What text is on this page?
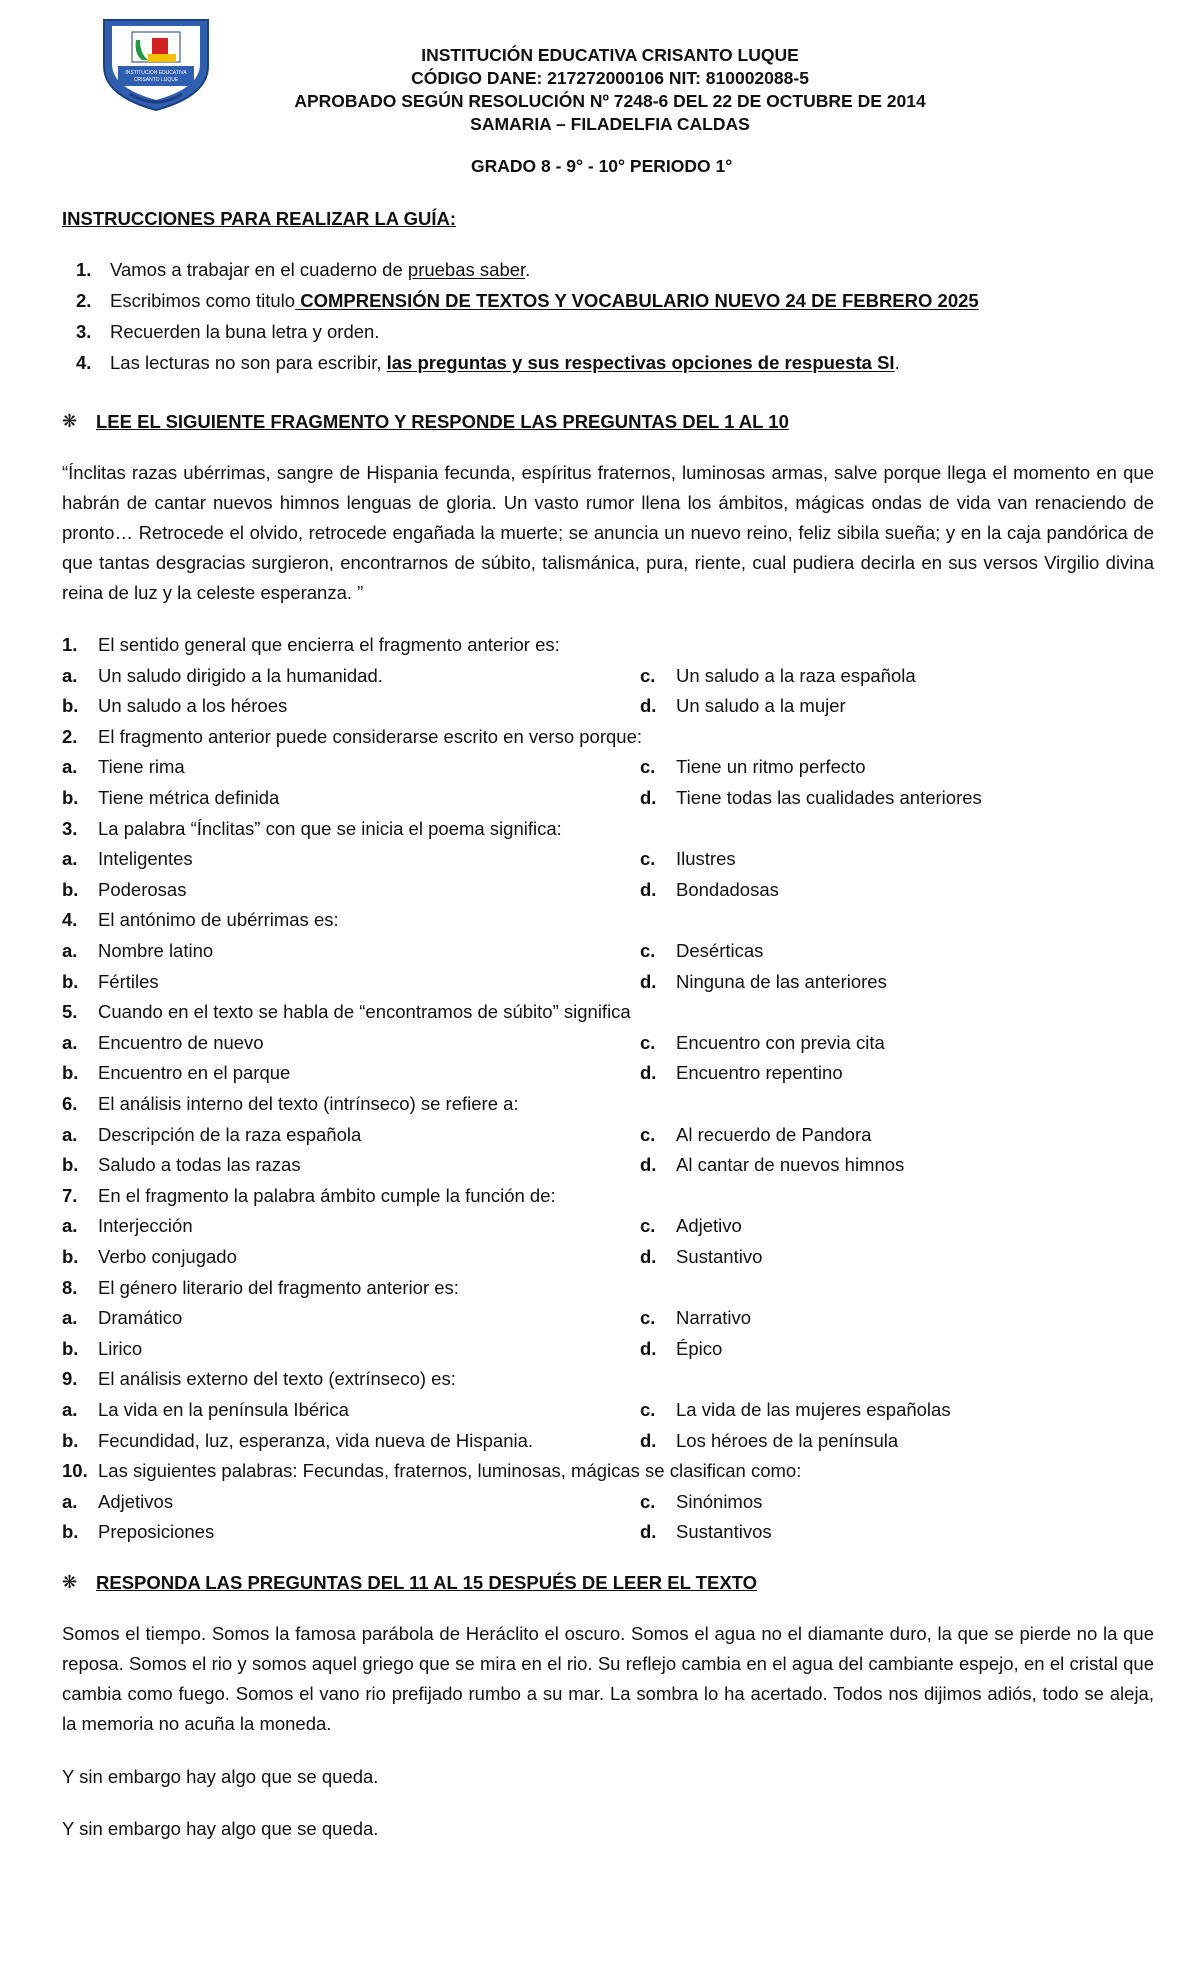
INSTITUCION EDUCATIVA
CRISANTO LUQUE
INSTITUCIÓN EDUCATIVA CRISANTO LUQUE
CÓDIGO DANE: 217272000106 NIT: 810002088-5
APROBADO SEGÚN RESOLUCIÓN Nº 7248-6 DEL 22 DE OCTUBRE DE 2014
SAMARIA – FILADELFIA CALDAS
GRADO 8 - 9° - 10° PERIODO 1°
INSTRUCCIONES PARA REALIZAR LA GUÍA:
1. Vamos a trabajar en el cuaderno de pruebas saber.
2. Escribimos como titulo COMPRENSIÓN DE TEXTOS Y VOCABULARIO NUEVO 24 DE FEBRERO 2025
3. Recuerden la buna letra y orden.
4. Las lecturas no son para escribir, las preguntas y sus respectivas opciones de respuesta SI.
❋ LEE EL SIGUIENTE FRAGMENTO Y RESPONDE LAS PREGUNTAS DEL 1 AL 10
“Ínclitas razas ubérrimas, sangre de Hispania fecunda, espíritus fraternos, luminosas armas, salve porque llega el momento en que habrán de cantar nuevos himnos lenguas de gloria. Un vasto rumor llena los ámbitos, mágicas ondas de vida van renaciendo de pronto… Retrocede el olvido, retrocede engañada la muerte; se anuncia un nuevo reino, feliz sibila sueña; y en la caja pandórica de que tantas desgracias surgieron, encontrarnos de súbito, talismánica, pura, riente, cual pudiera decirla en sus versos Virgilio divina reina de luz y la celeste esperanza. ”
1.	El sentido general que encierra el fragmento anterior es:
a. Un saludo dirigido a la humanidad.	c. Un saludo a la raza española
b. Un saludo a los héroes	d. Un saludo a la mujer
2.	El fragmento anterior puede considerarse escrito en verso porque:
a. Tiene rima	c. Tiene un ritmo perfecto
b. Tiene métrica definida	d. Tiene todas las cualidades anteriores
3.	La palabra “Ínclitas” con que se inicia el poema significa:
a. Inteligentes	c. Ilustres
b. Poderosas	d. Bondadosas
4.	El antónimo de ubérrimas es:
a. Nombre latino	c. Desérticas
b. Fértiles	d. Ninguna de las anteriores
5.	Cuando en el texto se habla de “encontramos de súbito” significa
a. Encuentro de nuevo	c. Encuentro con previa cita
b. Encuentro en el parque	d. Encuentro repentino
6.	El análisis interno del texto (intrínseco) se refiere a:
a. Descripción de la raza española	c. Al recuerdo de Pandora
b. Saludo a todas las razas	d. Al cantar de nuevos himnos
7.	En el fragmento la palabra ámbito cumple la función de:
a. Interjección	c. Adjetivo
b. Verbo conjugado	d. Sustantivo
8.	El género literario del fragmento anterior es:
a. Dramático	c. Narrativo
b. Lirico	d. Épico
9.	El análisis externo del texto (extrínseco) es:
a. La vida en la península Ibérica	c. La vida de las mujeres españolas
b. Fecundidad, luz, esperanza, vida nueva de Hispania.	d. Los héroes de la península
10. Las siguientes palabras: Fecundas, fraternos, luminosas, mágicas se clasifican como:
a. Adjetivos	c. Sinónimos
b. Preposiciones	d. Sustantivos
❋ RESPONDA LAS PREGUNTAS DEL 11 AL 15 DESPUÉS DE LEER EL TEXTO
Somos el tiempo. Somos la famosa parábola de Heráclito el oscuro. Somos el agua no el diamante duro, la que se pierde no la que reposa. Somos el rio y somos aquel griego que se mira en el rio. Su reflejo cambia en el agua del cambiante espejo, en el cristal que cambia como fuego. Somos el vano rio prefijado rumbo a su mar. La sombra lo ha acertado. Todos nos dijimos adiós, todo se aleja, la memoria no acuña la moneda.
Y sin embargo hay algo que se queda.
Y sin embargo hay algo que se queda.
